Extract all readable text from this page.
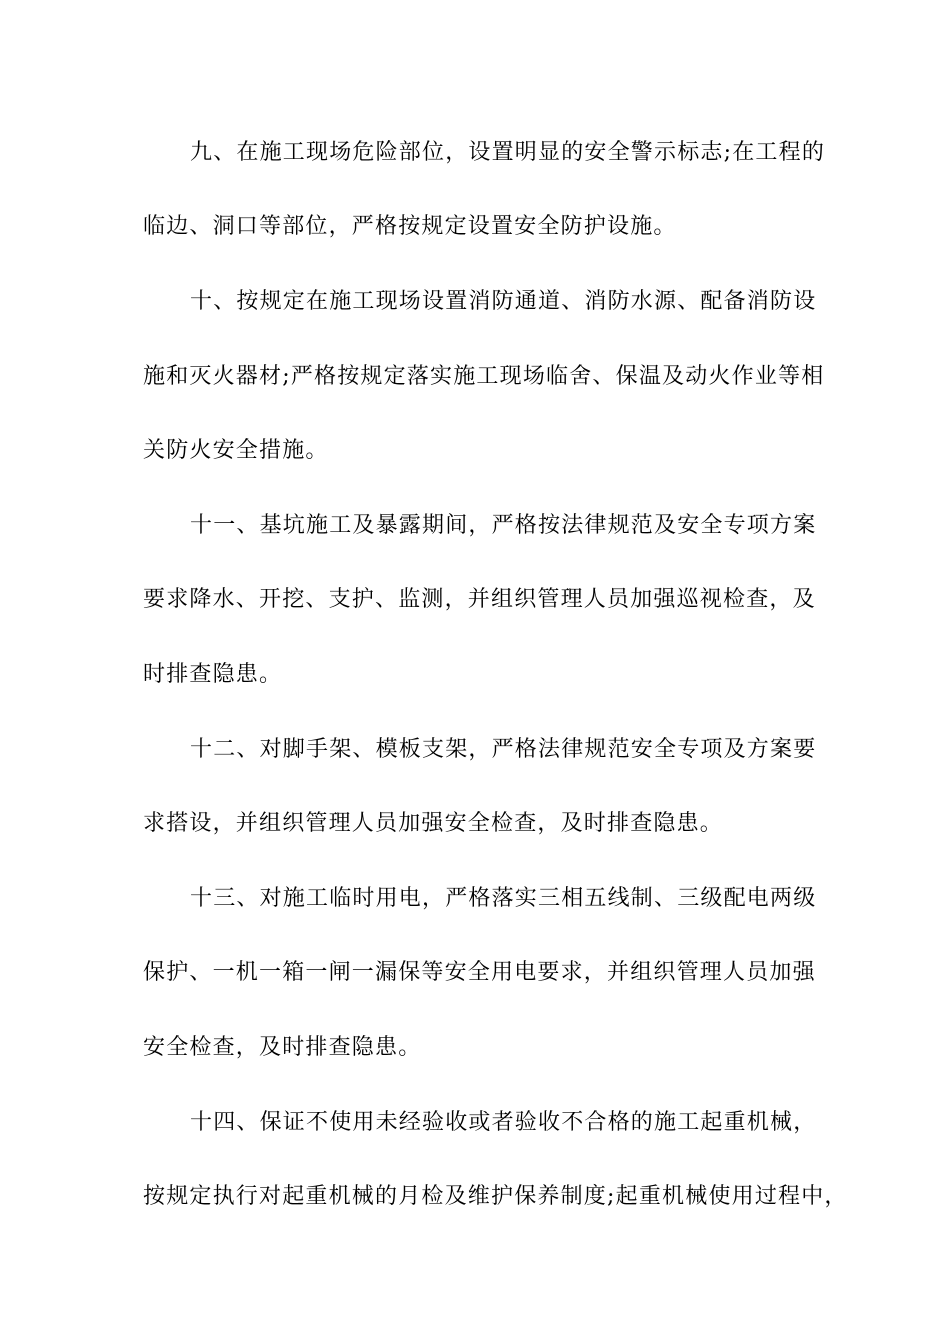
九、在施工现场危险部位，设置明显的安全警示标志;在工程的
临边、洞口等部位，严格按规定设置安全防护设施。
十、按规定在施工现场设置消防通道、消防水源、配备消防设
施和灭火器材;严格按规定落实施工现场临舍、保温及动火作业等相
关防火安全措施。
十一、基坑施工及暴露期间，严格按法律规范及安全专项方案
要求降水、开挖、支护、监测，并组织管理人员加强巡视检查，及
时排查隐患。
十二、对脚手架、模板支架，严格法律规范安全专项及方案要
求搭设，并组织管理人员加强安全检查，及时排查隐患。
十三、对施工临时用电，严格落实三相五线制、三级配电两级
保护、一机一箱一闸一漏保等安全用电要求，并组织管理人员加强
安全检查，及时排查隐患。
十四、保证不使用未经验收或者验收不合格的施工起重机械，
按规定执行对起重机械的月检及维护保养制度;起重机械使用过程中，
